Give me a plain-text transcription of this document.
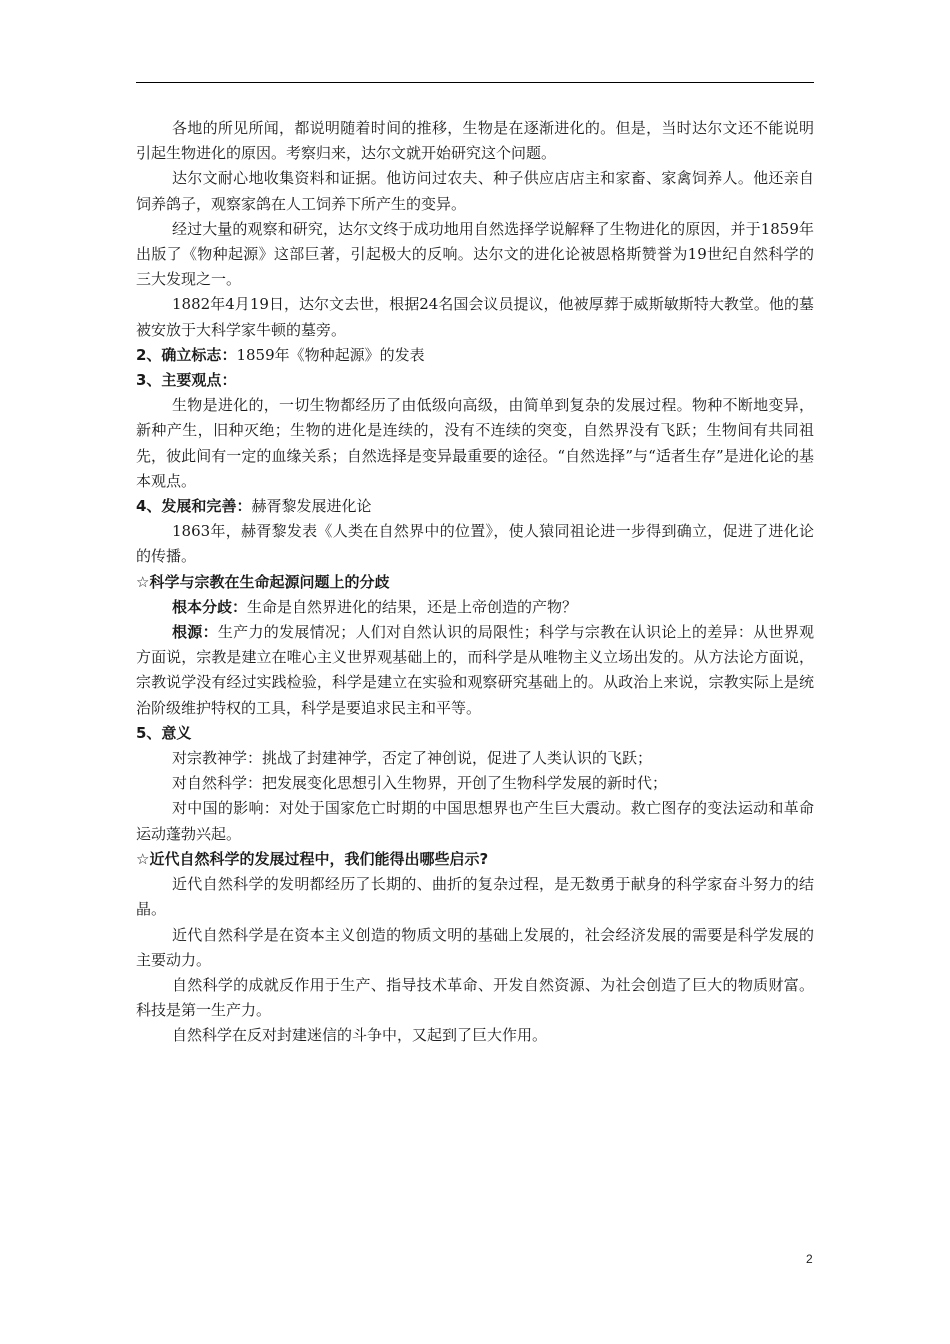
各地的所见所闻，都说明随着时间的推移，生物是在逐渐进化的。但是，当时达尔文还不能说明引起生物进化的原因。考察归来，达尔文就开始研究这个问题。

达尔文耐心地收集资料和证据。他访问过农夫、种子供应店店主和家畜、家禽饲养人。他还亲自饲养鸽子，观察家鸽在人工饲养下所产生的变异。

经过大量的观察和研究，达尔文终于成功地用自然选择学说解释了生物进化的原因，并于1859年出版了《物种起源》这部巨著，引起极大的反响。达尔文的进化论被恩格斯赞誉为19世纪自然科学的三大发现之一。

1882年4月19日，达尔文去世，根据24名国会议员提议，他被厚葬于威斯敏斯特大教堂。他的墓被安放于大科学家牛顿的墓旁。

2、确立标志：1859年《物种起源》的发表

3、主要观点：

生物是进化的，一切生物都经历了由低级向高级，由简单到复杂的发展过程。物种不断地变异，新种产生，旧种灭绝；生物的进化是连续的，没有不连续的突变，自然界没有飞跃；生物间有共同祖先，彼此间有一定的血缘关系；自然选择是变异最重要的途径。“自然选择”与“适者生存”是进化论的基本观点。

4、发展和完善：赫胥黎发展进化论

1863年，赫胥黎发表《人类在自然界中的位置》，使人猿同祖论进一步得到确立，促进了进化论的传播。

☆科学与宗教在生命起源问题上的分歧

根本分歧：生命是自然界进化的结果，还是上帝创造的产物？

根源：生产力的发展情况；人们对自然认识的局限性；科学与宗教在认识论上的差异：从世界观方面说，宗教是建立在唯心主义世界观基础上的，而科学是从唯物主义立场出发的。从方法论方面说，宗教说学没有经过实践检验，科学是建立在实验和观察研究基础上的。从政治上来说，宗教实际上是统治阶级维护特权的工具，科学是要追求民主和平等。

5、意义

对宗教神学：挑战了封建神学，否定了神创说，促进了人类认识的飞跃；

对自然科学：把发展变化思想引入生物界，开创了生物科学发展的新时代；

对中国的影响：对处于国家危亡时期的中国思想界也产生巨大震动。救亡图存的变法运动和革命运动蓬勃兴起。

☆近代自然科学的发展过程中，我们能得出哪些启示?

近代自然科学的发明都经历了长期的、曲折的复杂过程，是无数勇于献身的科学家奋斗努力的结晶。

近代自然科学是在资本主义创造的物质文明的基础上发展的，社会经济发展的需要是科学发展的主要动力。

自然科学的成就反作用于生产、指导技术革命、开发自然资源、为社会创造了巨大的物质财富。科技是第一生产力。

自然科学在反对封建迷信的斗争中，又起到了巨大作用。

2
